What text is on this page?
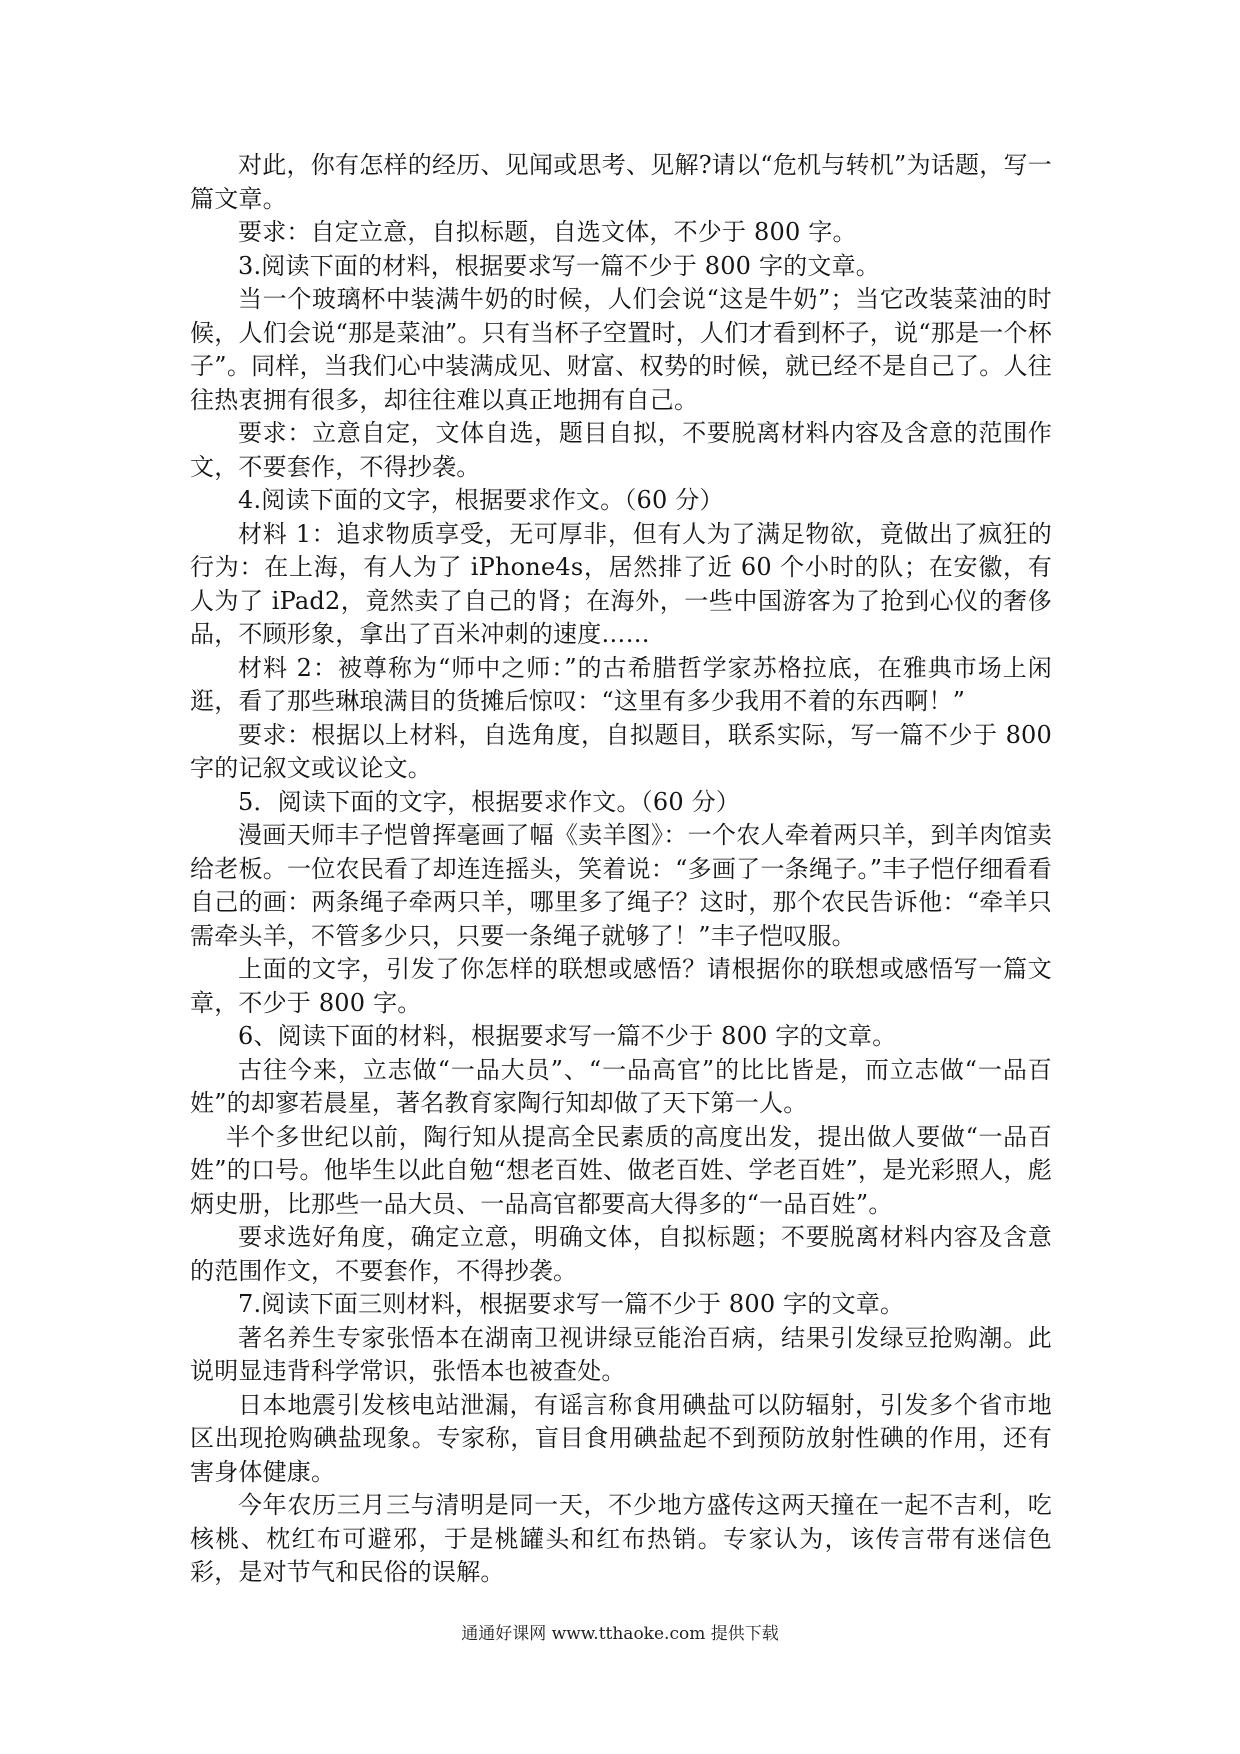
对此，你有怎样的经历、见闻或思考、见解?请以“危机与转机”为话题，写一篇文章。

要求：自定立意，自拟标题，自选文体，不少于 800 字。

3.阅读下面的材料，根据要求写一篇不少于 800 字的文章。

当一个玻璃杯中装满牛奶的时候，人们会说“这是牛奶”；当它改装菜油的时候，人们会说“那是菜油”。只有当杯子空置时，人们才看到杯子，说“那是一个杯子”。同样，当我们心中装满成见、财富、权势的时候，就已经不是自己了。人往往热衷拥有很多，却往往难以真正地拥有自己。

要求：立意自定，文体自选，题目自拟，不要脱离材料内容及含意的范围作文，不要套作，不得抄袭。

4.阅读下面的文字，根据要求作文。（60 分）

材料 1：追求物质享受，无可厚非，但有人为了满足物欲，竟做出了疯狂的行为：在上海，有人为了 iPhone4s，居然排了近 60 个小时的队；在安徽，有人为了 iPad2，竟然卖了自己的肾；在海外，一些中国游客为了抢到心仪的奢侈品，不顾形象，拿出了百米冲刺的速度……

材料 2：被尊称为“师中之师：”的古希腊哲学家苏格拉底，在雅典市场上闲逛，看了那些琳琅满目的货摊后惊叹：“这里有多少我用不着的东西啊！”

要求：根据以上材料，自选角度，自拟题目，联系实际，写一篇不少于 800 字的记叙文或议论文。

5．阅读下面的文字，根据要求作文。（60 分）

漫画天师丰子恺曾挥毫画了幅《卖羊图》：一个农人牵着两只羊，到羊肉馆卖给老板。一位农民看了却连连摇头，笑着说：“多画了一条绳子。”丰子恺仔细看看自己的画：两条绳子牵两只羊，哪里多了绳子？这时，那个农民告诉他：“牵羊只需牵头羊，不管多少只，只要一条绳子就够了！”丰子恺叹服。

上面的文字，引发了你怎样的联想或感悟？请根据你的联想或感悟写一篇文章，不少于 800 字。

6、阅读下面的材料，根据要求写一篇不少于 800 字的文章。

古往今来，立志做“一品大员”、“一品高官”的比比皆是，而立志做“一品百姓”的却寥若晨星，著名教育家陶行知却做了天下第一人。

半个多世纪以前，陶行知从提高全民素质的高度出发，提出做人要做“一品百姓”的口号。他毕生以此自勉“想老百姓、做老百姓、学老百姓”，是光彩照人，彪炳史册，比那些一品大员、一品高官都要高大得多的“一品百姓”。

要求选好角度，确定立意，明确文体，自拟标题；不要脱离材料内容及含意的范围作文，不要套作，不得抄袭。

7.阅读下面三则材料，根据要求写一篇不少于 800 字的文章。

著名养生专家张悟本在湖南卫视讲绿豆能治百病，结果引发绿豆抢购潮。此说明显违背科学常识，张悟本也被查处。

日本地震引发核电站泄漏，有谣言称食用碘盐可以防辐射，引发多个省市地区出现抢购碘盐现象。专家称，盲目食用碘盐起不到预防放射性碘的作用，还有害身体健康。

今年农历三月三与清明是同一天，不少地方盛传这两天撞在一起不吉利，吃核桃、枕红布可避邪，于是桃罐头和红布热销。专家认为，该传言带有迷信色彩，是对节气和民俗的误解。

通通好课网 www.tthaoke.com 提供下载
